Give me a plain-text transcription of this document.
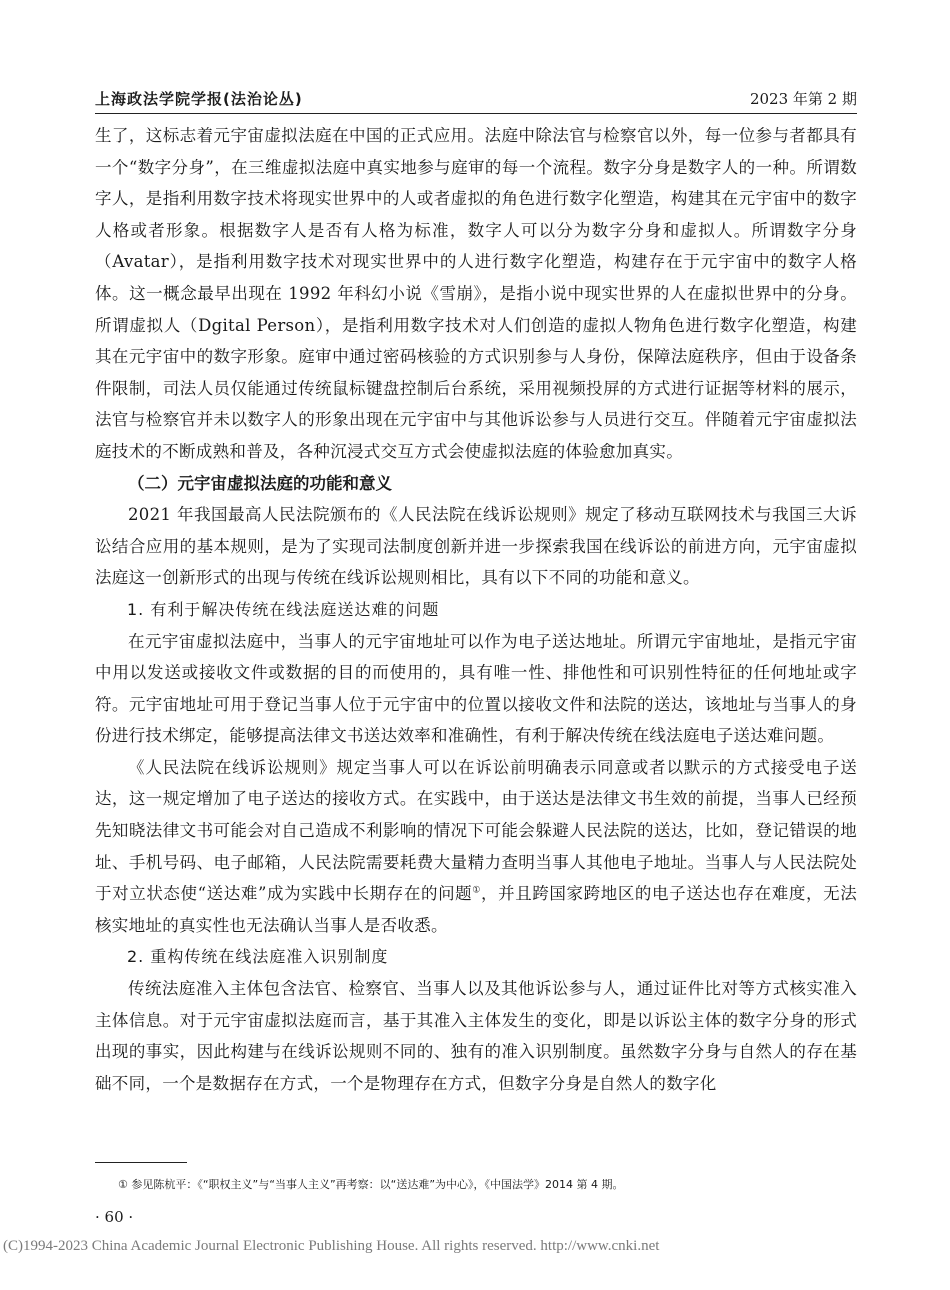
上海政法学院学报(法治论丛)	2023 年第 2 期

生了，这标志着元宇宙虚拟法庭在中国的正式应用。法庭中除法官与检察官以外，每一位参与者都具有一个“数字分身”，在三维虚拟法庭中真实地参与庭审的每一个流程。数字分身是数字人的一种。所谓数字人，是指利用数字技术将现实世界中的人或者虚拟的角色进行数字化塑造，构建其在元宇宙中的数字人格或者形象。根据数字人是否有人格为标准，数字人可以分为数字分身和虚拟人。所谓数字分身（Avatar），是指利用数字技术对现实世界中的人进行数字化塑造，构建存在于元宇宙中的数字人格体。这一概念最早出现在 1992 年科幻小说《雪崩》，是指小说中现实世界的人在虚拟世界中的分身。所谓虚拟人（Dgital Person），是指利用数字技术对人们创造的虚拟人物角色进行数字化塑造，构建其在元宇宙中的数字形象。庭审中通过密码核验的方式识别参与人身份，保障法庭秩序，但由于设备条件限制，司法人员仅能通过传统鼠标键盘控制后台系统，采用视频投屏的方式进行证据等材料的展示，法官与检察官并未以数字人的形象出现在元宇宙中与其他诉讼参与人员进行交互。伴随着元宇宙虚拟法庭技术的不断成熟和普及，各种沉浸式交互方式会使虚拟法庭的体验愈加真实。

（二）元宇宙虚拟法庭的功能和意义

2021 年我国最高人民法院颁布的《人民法院在线诉讼规则》规定了移动互联网技术与我国三大诉讼结合应用的基本规则，是为了实现司法制度创新并进一步探索我国在线诉讼的前进方向，元宇宙虚拟法庭这一创新形式的出现与传统在线诉讼规则相比，具有以下不同的功能和意义。

1. 有利于解决传统在线法庭送达难的问题

在元宇宙虚拟法庭中，当事人的元宇宙地址可以作为电子送达地址。所谓元宇宙地址，是指元宇宙中用以发送或接收文件或数据的目的而使用的，具有唯一性、排他性和可识别性特征的任何地址或字符。元宇宙地址可用于登记当事人位于元宇宙中的位置以接收文件和法院的送达，该地址与当事人的身份进行技术绑定，能够提高法律文书送达效率和准确性，有利于解决传统在线法庭电子送达难问题。

《人民法院在线诉讼规则》规定当事人可以在诉讼前明确表示同意或者以默示的方式接受电子送达，这一规定增加了电子送达的接收方式。在实践中，由于送达是法律文书生效的前提，当事人已经预先知晓法律文书可能会对自己造成不利影响的情况下可能会躲避人民法院的送达，比如，登记错误的地址、手机号码、电子邮箱，人民法院需要耗费大量精力查明当事人其他电子地址。当事人与人民法院处于对立状态使“送达难”成为实践中长期存在的问题①，并且跨国家跨地区的电子送达也存在难度，无法核实地址的真实性也无法确认当事人是否收悉。

2. 重构传统在线法庭准入识别制度

传统法庭准入主体包含法官、检察官、当事人以及其他诉讼参与人，通过证件比对等方式核实准入主体信息。对于元宇宙虚拟法庭而言，基于其准入主体发生的变化，即是以诉讼主体的数字分身的形式出现的事实，因此构建与在线诉讼规则不同的、独有的准入识别制度。虽然数字分身与自然人的存在基础不同，一个是数据存在方式，一个是物理存在方式，但数字分身是自然人的数字化

① 参见陈杭平：《“职权主义”与“当事人主义”再考察：以“送达难”为中心》，《中国法学》2014 第 4 期。
· 60 ·
(C)1994-2023 China Academic Journal Electronic Publishing House. All rights reserved. http://www.cnki.net
